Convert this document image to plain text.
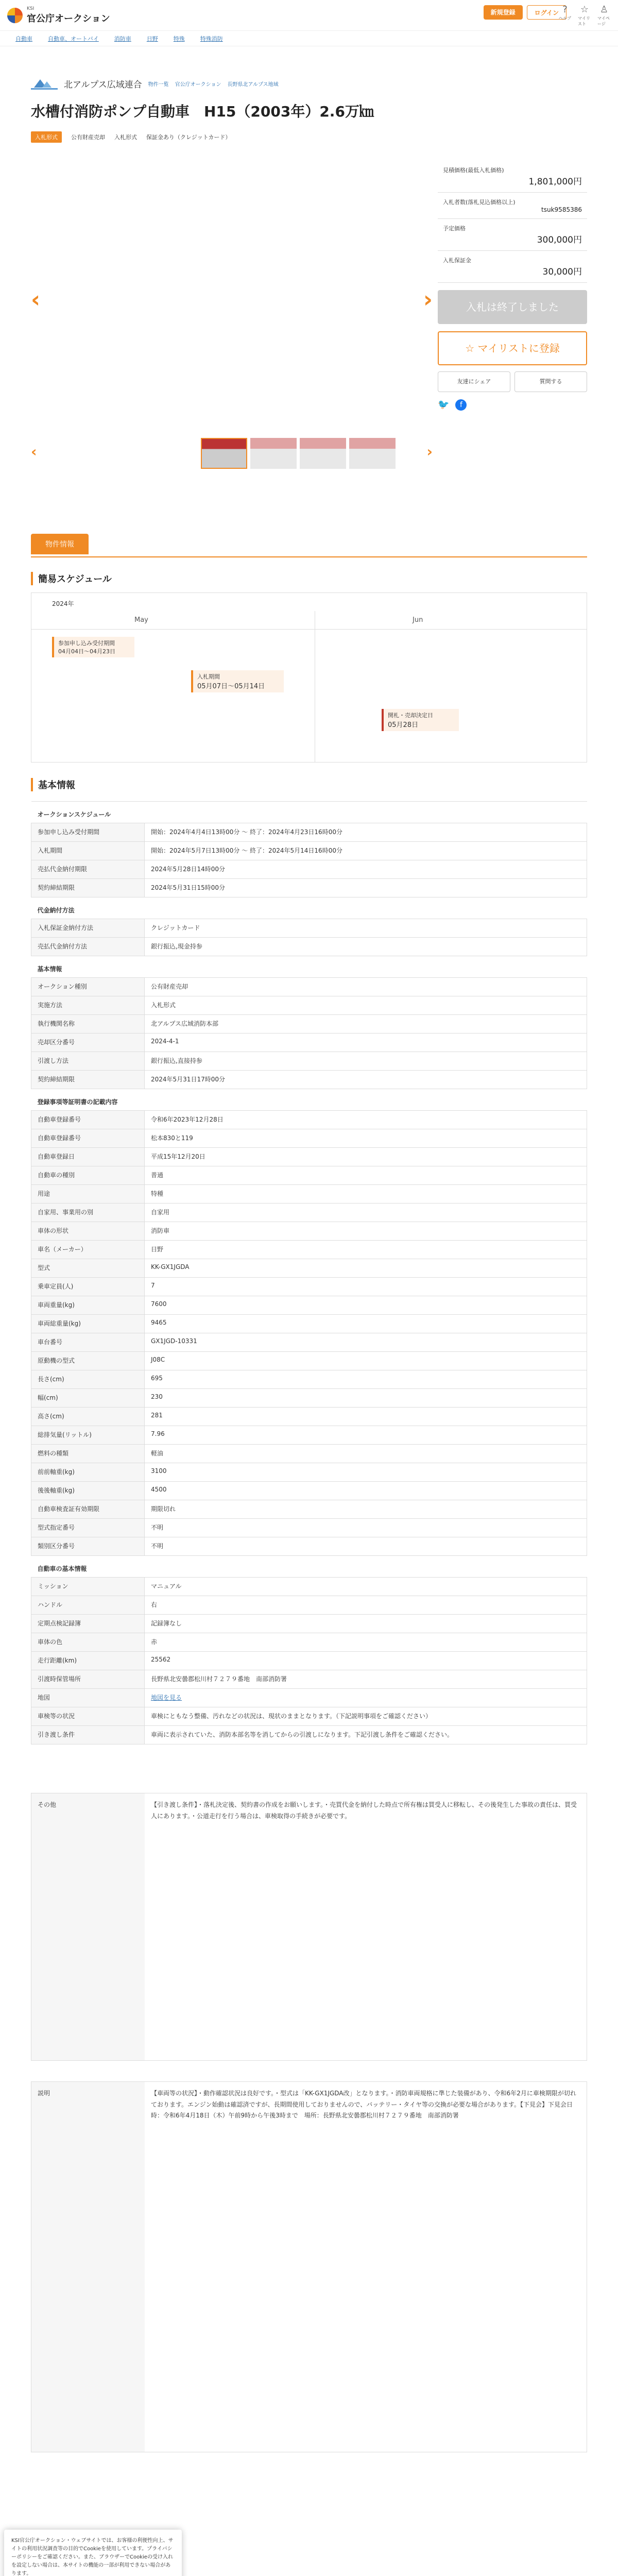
KSI
官公庁オークション
新規登録	ログイン ?
ヘルプ
☆
マイリスト
♙
マイページ
自動車	自動車、オートバイ	消防車	日野	特殊	特殊消防
北アルプス広域連合 物件一覧 官公庁オークション 長野県北アルプス地域
水槽付消防ポンプ自動車　H15（2003年）2.6万㎞
入札形式	公有財産売却 入札形式 保証金あり（クレジットカード）
‹	›
‹	›
見積価格(最低入札価格)
1,801,000円
入札者数(落札見込価格以上)
tsuk9585386
予定価格
300,000円
入札保証金
30,000円
入札は終了しました
☆ マイリストに登録
友達にシェア	質問する
🐦	f
物件情報
簡易スケジュール
2024年
May	Jun
参加申し込み受付期間
04月04日～04月23日
入札期間
05月07日～05月14日
開札・売却決定日
05月28日
基本情報
オークションスケジュール	
参加申し込み受付期間	開始：2024年4月4日13時00分 ～ 終了：2024年4月23日16時00分
入札期間	開始：2024年5月7日13時00分 ～ 終了：2024年5月14日16時00分
売払代金納付期限	2024年5月28日14時00分
契約締結期限	2024年5月31日15時00分
代金納付方法	
入札保証金納付方法	クレジットカード
売払代金納付方法	銀行振込,現金持参
基本情報	
オークション種別	公有財産売却
実施方法	入札形式
執行機関名称	北アルプス広域消防本部
売却区分番号	2024-4-1
引渡し方法	銀行振込,直接持参
契約締結期限	2024年5月31日17時00分
登録事項等証明書の記載内容	
自動車登録番号	令和6年2023年12月28日
自動車登録番号	松本830と119
自動車登録日	平成15年12月20日
自動車の種別	普通
用途	特種
自家用、事業用の別	自家用
車体の形状	消防車
車名（メーカー）	日野
型式	KK-GX1JGDA
乗車定員(人)	7
車両重量(kg)	7600
車両総重量(kg)	9465
車台番号	GX1JGD-10331
原動機の型式	J08C
長さ(cm)	695
幅(cm)	230
高さ(cm)	281
総排気量(リットル)	7.96
燃料の種類	軽油
前前軸重(kg)	3100
後後軸重(kg)	4500
自動車検査証有効期限	期限切れ
型式指定番号	不明
類別区分番号	不明
自動車の基本情報	
ミッション	マニュアル
ハンドル	右
定期点検記録簿	記録簿なし
車体の色	赤
走行距離(km)	25562
引渡時保管場所	長野県北安曇郡松川村７２７９番地　南部消防署
地図	地図を見る
車検等の状況	車検にともなう整備、汚れなどの状況は、現状のままとなります。（下記説明事項をご確認ください）
引き渡し条件	車両に表示されていた、消防本部名等を消してからの引渡しになります。下記引渡し条件をご確認ください。
その他	【引き渡し条件】・落札決定後、契約書の作成をお願いします。・売買代金を納付した時点で所有権は買受人に移転し、その後発生した事故の責任は、買受人にあります。・公道走行を行う場合は、車検取得の手続きが必要です。
説明	【車両等の状況】・動作確認状況は良好です。・型式は「KK-GX1JGDA改」となります。・消防車両規格に準じた装備があり、令和6年2月に車検期限が切れております。エンジン始動は確認済ですが、長期間使用しておりませんので、バッテリー・タイヤ等の交換が必要な場合があります。【下見会】下見会日時：令和6年4月18日（木）午前9時から午後3時まで　場所：長野県北安曇郡松川村７２７９番地　南部消防署

KSI官公庁オークション・ウェブサイトでは、お客様の利便性向上、サイトの利用状況調査等の目的でCookieを使用しています。プライバシーポリシーをご確認ください。また、ブラウザーでCookieの受け入れを設定しない場合は、本サイトの機能の一部が利用できない場合があります。
